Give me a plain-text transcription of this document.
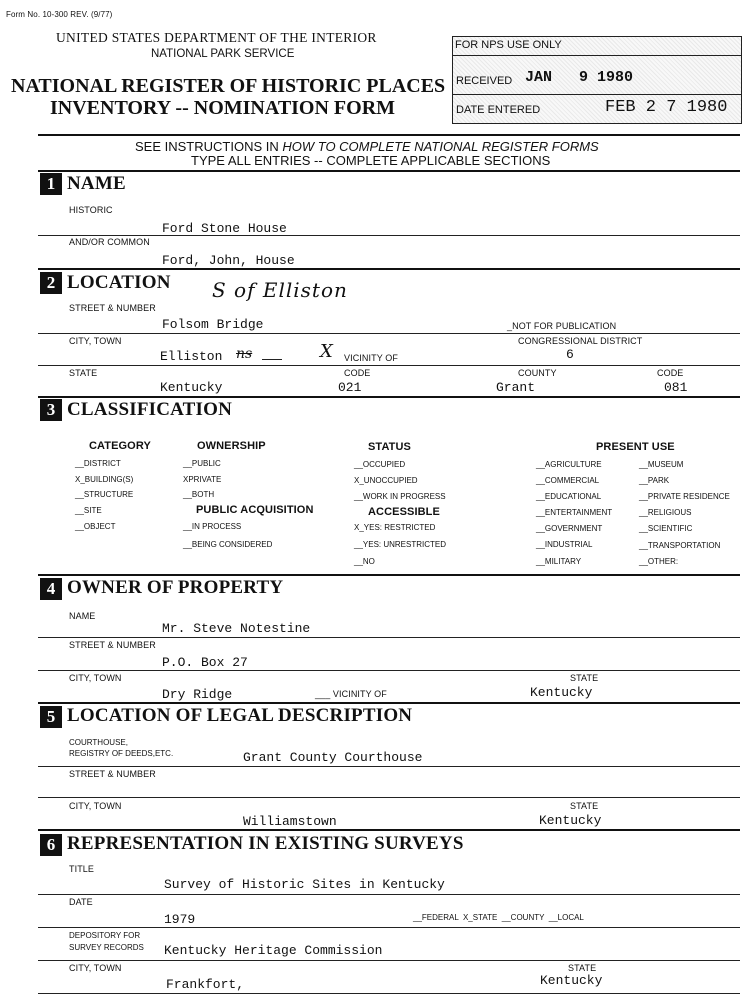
Form No. 10-300 REV. (9/77)
UNITED STATES DEPARTMENT OF THE INTERIOR
NATIONAL PARK SERVICE
NATIONAL REGISTER OF HISTORIC PLACES
INVENTORY -- NOMINATION FORM
FOR NPS USE ONLY
RECEIVED JAN   9 1980
DATE ENTERED	FEB 2 7 1980
SEE INSTRUCTIONS IN HOW TO COMPLETE NATIONAL REGISTER FORMS
TYPE ALL ENTRIES -- COMPLETE APPLICABLE SECTIONS
1 NAME
HISTORIC
Ford Stone House
AND/OR COMMON
Ford, John, House
2 LOCATION S of Elliston
STREET & NUMBER
Folsom Bridge	_NOT FOR PUBLICATION
CITY, TOWN	CONGRESSIONAL DISTRICT
Elliston ns	X VICINITY OF	6
STATE	CODE	COUNTY	CODE
Kentucky	021	Grant	081
3 CLASSIFICATION
CATEGORY
__DISTRICT
X_BUILDING(S)
__STRUCTURE
__SITE
__OBJECT
OWNERSHIP
__PUBLIC
XPRIVATE
__BOTH
PUBLIC ACQUISITION
__IN PROCESS
__BEING CONSIDERED
STATUS
__OCCUPIED
X_UNOCCUPIED
__WORK IN PROGRESS
ACCESSIBLE
X_YES: RESTRICTED
__YES: UNRESTRICTED
__NO
PRESENT USE
__AGRICULTURE
__COMMERCIAL
__EDUCATIONAL
__ENTERTAINMENT
__GOVERNMENT
__INDUSTRIAL
__MILITARY
__MUSEUM
__PARK
__PRIVATE RESIDENCE
__RELIGIOUS
__SCIENTIFIC
__TRANSPORTATION
__OTHER:
4 OWNER OF PROPERTY
NAME
Mr. Steve Notestine
STREET & NUMBER
P.O. Box 27
CITY, TOWN	STATE
Dry Ridge	___ VICINITY OF	Kentucky
5 LOCATION OF LEGAL DESCRIPTION
COURTHOUSE,
REGISTRY OF DEEDS,ETC.	Grant County Courthouse
STREET & NUMBER
CITY, TOWN	STATE
Williamstown	Kentucky
6 REPRESENTATION IN EXISTING SURVEYS
TITLE
Survey of Historic Sites in Kentucky
DATE
1979	__FEDERAL  X_STATE  __COUNTY  __LOCAL
DEPOSITORY FOR
SURVEY RECORDS Kentucky Heritage Commission
CITY, TOWN	STATE
Frankfort,	Kentucky
